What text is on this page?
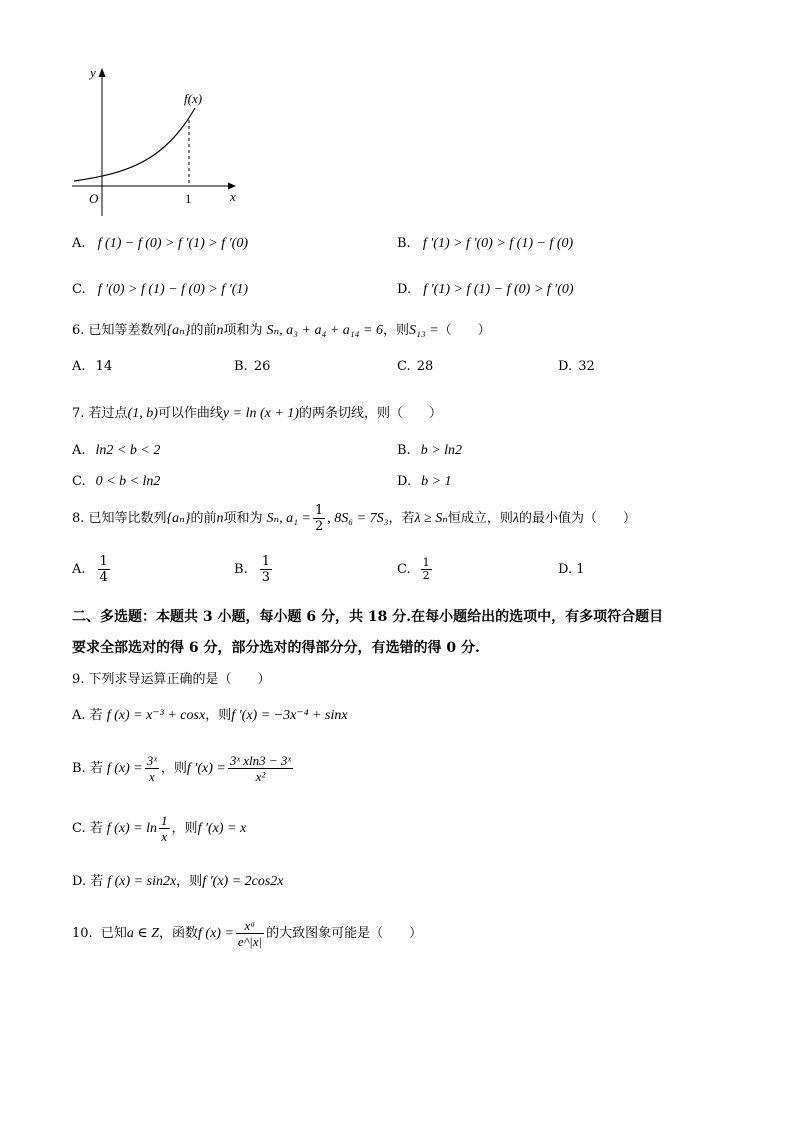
y
x
O	1
f(x)
A. f (1) − f (0) > f ′(1) > f ′(0)	B. f ′(1) > f ′(0) > f (1) − f (0)
C. f ′(0) > f (1) − f (0) > f ′(1)	D. f ′(1) > f (1) − f (0) > f ′(0)
6. 已知等差数列{aₙ}的前n项和为 Sₙ, a₃ + a₄ + a₁₄ = 6，则S₁₃ =（　　）
A. 14	B. 26	C. 28	D. 32
7. 若过点(1, b)可以作曲线y = ln (x + 1)的两条切线，则（　　）
A. ln2 < b < 2	B. b > ln2
C. 0 < b < ln2	D. b > 1
8. 已知等比数列{aₙ}的前n项和为 Sₙ, $a_1 = \frac{1}{2}$ , 8S₆ = 7S₃，若λ ≥ Sₙ恒成立，则λ的最小值为（　　）
A. $\frac{1}{4}$	B. $\frac{1}{3}$	C. $\frac{1}{2}$	D. 1
二、多选题：本题共 3 小题，每小题 6 分，共 18 分.在每小题给出的选项中，有多项符合题目
要求全部选对的得 6 分，部分选对的得部分分，有选错的得 0 分.
9. 下列求导运算正确的是（　　）
A. 若 f (x) = x⁻³ + cosx，则f ′(x) = −3x⁻⁴ + sinx
B. 若 f $(x) = \frac{\text{3ˣ}}{x}$ ，则f $'(x) = \frac{\text{3ˣ xln3 − 3ˣ}}{\text{x²}}$
C. 若 f $(x) = \ln \frac{1}{x}$ ，则f ′(x) = x
D. 若 f (x) = sin2x，则f ′(x) = 2cos2x
10. 已知a ∈ Z，函数f $(x) = \frac{\text{xᵃ}}{e\^{}|x|}$ 的大致图象可能是（　　）
